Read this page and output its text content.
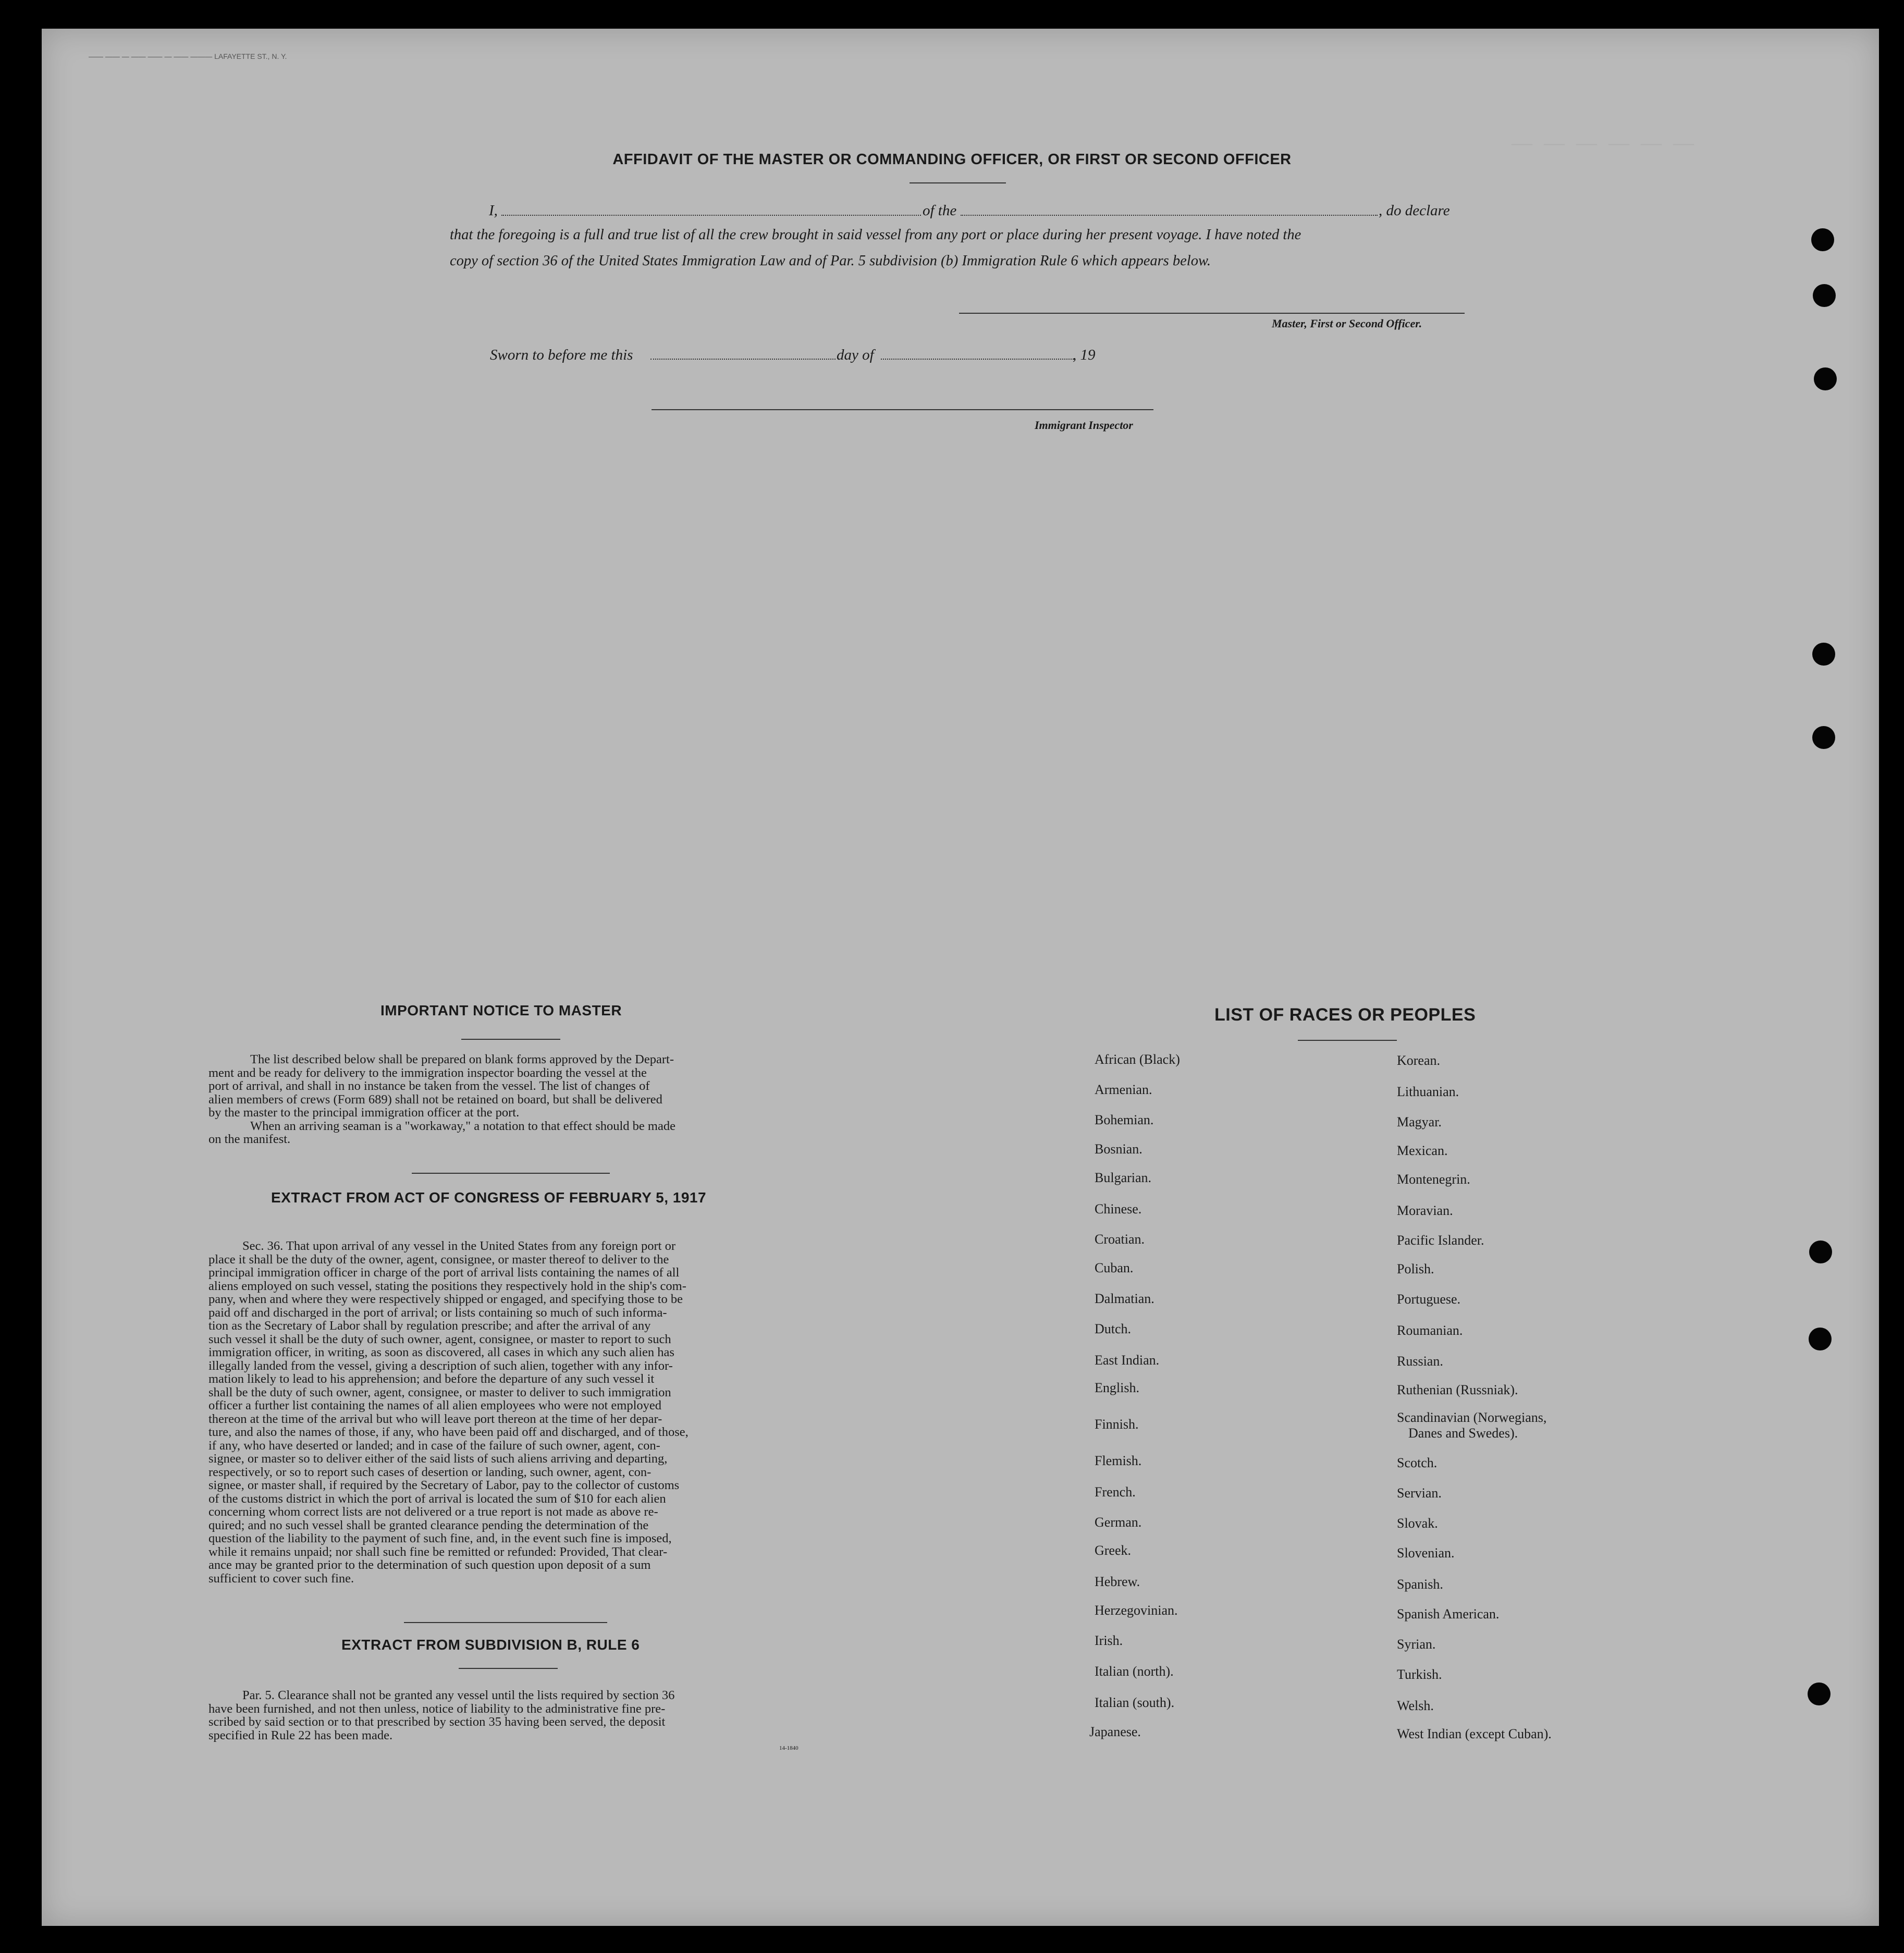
—— —— — —— —— — —— ——— LAFAYETTE ST., N. Y.
— — — — — —
AFFIDAVIT OF THE MASTER OR COMMANDING OFFICER, OR FIRST OR SECOND OFFICER
I,	of the	, do declare
that the foregoing is a full and true list of all the crew brought in said vessel from any port or place during her present voyage. I have noted the
copy of section 36 of the United States Immigration Law and of Par. 5 subdivision (b) Immigration Rule 6 which appears below.
Master, First or Second Officer.
Sworn to before me this	day of	, 19
Immigrant Inspector
IMPORTANT NOTICE TO MASTER
The list described below shall be prepared on blank forms approved by the Depart-
ment and be ready for delivery to the immigration inspector boarding the vessel at the
port of arrival, and shall in no instance be taken from the vessel. The list of changes of
alien members of crews (Form 689) shall not be retained on board, but shall be delivered
by the master to the principal immigration officer at the port.
When an arriving seaman is a "workaway," a notation to that effect should be made
on the manifest.
EXTRACT FROM ACT OF CONGRESS OF FEBRUARY 5, 1917
Sec. 36. That upon arrival of any vessel in the United States from any foreign port or
place it shall be the duty of the owner, agent, consignee, or master thereof to deliver to the
principal immigration officer in charge of the port of arrival lists containing the names of all
aliens employed on such vessel, stating the positions they respectively hold in the ship's com-
pany, when and where they were respectively shipped or engaged, and specifying those to be
paid off and discharged in the port of arrival; or lists containing so much of such informa-
tion as the Secretary of Labor shall by regulation prescribe; and after the arrival of any
such vessel it shall be the duty of such owner, agent, consignee, or master to report to such
immigration officer, in writing, as soon as discovered, all cases in which any such alien has
illegally landed from the vessel, giving a description of such alien, together with any infor-
mation likely to lead to his apprehension; and before the departure of any such vessel it
shall be the duty of such owner, agent, consignee, or master to deliver to such immigration
officer a further list containing the names of all alien employees who were not employed
thereon at the time of the arrival but who will leave port thereon at the time of her depar-
ture, and also the names of those, if any, who have been paid off and discharged, and of those,
if any, who have deserted or landed; and in case of the failure of such owner, agent, con-
signee, or master so to deliver either of the said lists of such aliens arriving and departing,
respectively, or so to report such cases of desertion or landing, such owner, agent, con-
signee, or master shall, if required by the Secretary of Labor, pay to the collector of customs
of the customs district in which the port of arrival is located the sum of $10 for each alien
concerning whom correct lists are not delivered or a true report is not made as above re-
quired; and no such vessel shall be granted clearance pending the determination of the
question of the liability to the payment of such fine, and, in the event such fine is imposed,
while it remains unpaid; nor shall such fine be remitted or refunded: Provided, That clear-
ance may be granted prior to the determination of such question upon deposit of a sum
sufficient to cover such fine.
EXTRACT FROM SUBDIVISION B, RULE 6
Par. 5. Clearance shall not be granted any vessel until the lists required by section 36
have been furnished, and not then unless, notice of liability to the administrative fine pre-
scribed by said section or to that prescribed by section 35 having been served, the deposit
specified in Rule 22 has been made.
14-1840
LIST OF RACES OR PEOPLES
African (Black)
Armenian.
Bohemian.
Bosnian.
Bulgarian.
Chinese.
Croatian.
Cuban.
Dalmatian.
Dutch.
East Indian.
English.
Finnish.
Flemish.
French.
German.
Greek.
Hebrew.
Herzegovinian.
Irish.
Italian (north).
Italian (south).
Japanese.
Korean.
Lithuanian.
Magyar.
Mexican.
Montenegrin.
Moravian.
Pacific Islander.
Polish.
Portuguese.
Roumanian.
Russian.
Ruthenian (Russniak).
Scandinavian (Norwegians,
Danes and Swedes).
Scotch.
Servian.
Slovak.
Slovenian.
Spanish.
Spanish American.
Syrian.
Turkish.
Welsh.
West Indian (except Cuban).
